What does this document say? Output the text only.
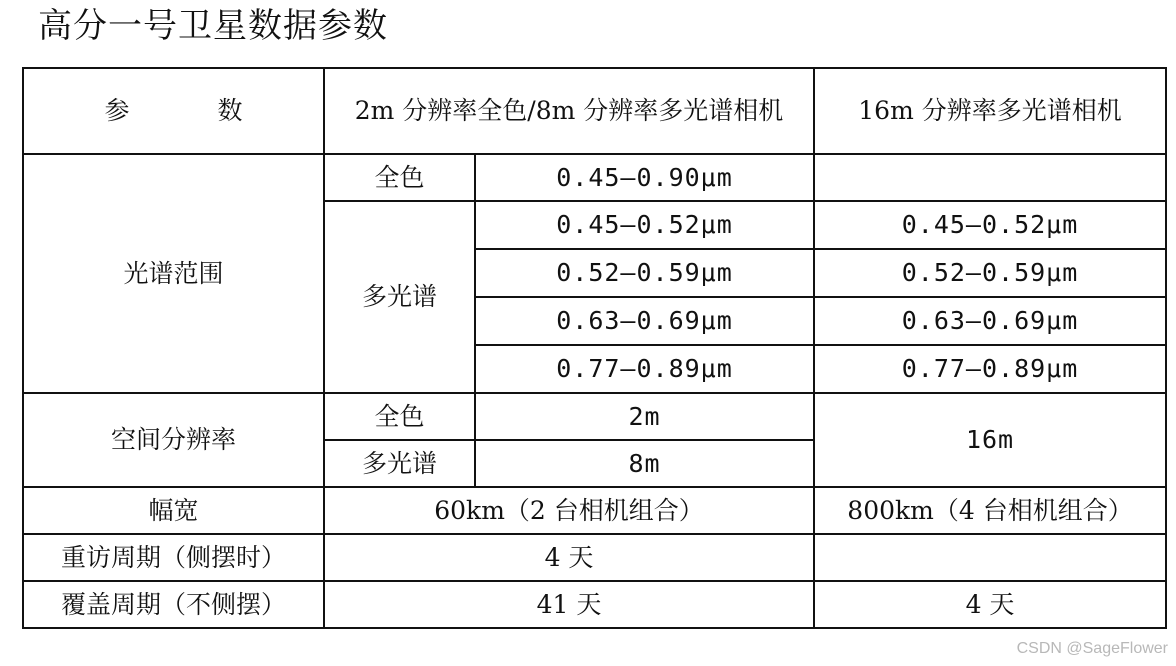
高分一号卫星数据参数
参 数	2m 分辨率全色/8m 分辨率多光谱相机		16m 分辨率多光谱相机
光谱范围	全色	0.45—0.90μm	
	多光谱	0.45—0.52μm	0.45—0.52μm
		0.52—0.59μm	0.52—0.59μm
		0.63—0.69μm	0.63—0.69μm
		0.77—0.89μm	0.77—0.89μm
空间分辨率	全色	2m	16m
	多光谱	8m	
幅宽	60km（2 台相机组合）		800km（4 台相机组合）
重访周期（侧摆时）	4 天		
覆盖周期（不侧摆）	41 天		4 天
CSDN @SageFlower
